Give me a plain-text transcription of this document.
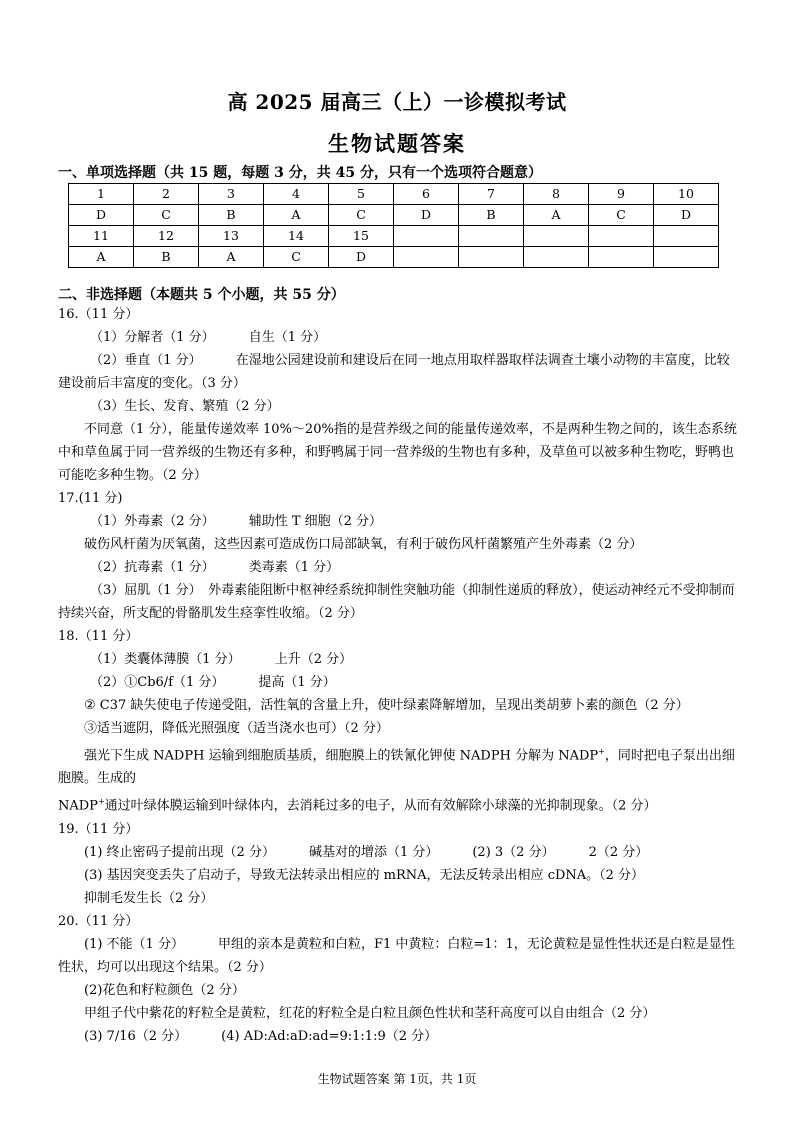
高 2025 届高三（上）一诊模拟考试
生物试题答案
一、单项选择题（共 15 题，每题 3 分，共 45 分，只有一个选项符合题意）
1	2	3	4	5	6	7	8	9	10
D	C	B	A	C	D	B	A	C	D
11	12	13	14	15					
A	B	A	C	D					
二、非选择题（本题共 5 个小题，共 55 分）

16.（11 分）

（1）分解者（1 分）	自生（1 分）

（2）垂直（1 分）	在湿地公园建设前和建设后在同一地点用取样器取样法调查土壤小动物的丰富度，比较建设前后丰富度的变化。（3 分）

（3）生长、发育、繁殖（2 分）

不同意（1 分），能量传递效率 10%～20%指的是营养级之间的能量传递效率，不是两种生物之间的，该生态系统中和草鱼属于同一营养级的生物还有多种，和野鸭属于同一营养级的生物也有多种，及草鱼可以被多种生物吃，野鸭也可能吃多种生物。（2 分）

17.(11 分)

（1）外毒素（2 分）	辅助性 T 细胞（2 分）

破伤风杆菌为厌氧菌，这些因素可造成伤口局部缺氧，有利于破伤风杆菌繁殖产生外毒素（2 分）

（2）抗毒素（1 分）	类毒素（1 分）

（3）屈肌（1 分）　外毒素能阻断中枢神经系统抑制性突触功能（抑制性递质的释放），使运动神经元不受抑制而持续兴奋，所支配的骨骼肌发生痉挛性收缩。（2 分）

18.（11 分）

（1）类囊体薄膜（1 分）	上升（2 分）

（2）①Cb6/f（1 分）	提高（1 分）

② C37 缺失使电子传递受阻，活性氧的含量上升，使叶绿素降解增加，呈现出类胡萝卜素的颜色（2 分）

③适当遮阴，降低光照强度（适当浇水也可）（2 分）

强光下生成 NADPH 运输到细胞质基质，细胞膜上的铁氰化钾使 NADPH 分解为 NADP+，同时把电子泵出出细胞膜。生成的 NADP+通过叶绿体膜运输到叶绿体内，去消耗过多的电子，从而有效解除小球藻的光抑制现象。（2 分）

19.（11 分）

(1) 终止密码子提前出现（2 分）	碱基对的增添（1 分）	(2) 3（2 分）	2（2 分）

(3) 基因突变丢失了启动子，导致无法转录出相应的 mRNA，无法反转录出相应 cDNA。（2 分）

抑制毛发生长（2 分）

20.（11 分）

(1) 不能（1 分）	甲组的亲本是黄粒和白粒，F1 中黄粒：白粒=1：1，无论黄粒是显性性状还是白粒是显性性状，均可以出现这个结果。（2 分）

(2)花色和籽粒颜色（2 分）

甲组子代中紫花的籽粒全是黄粒，红花的籽粒全是白粒且颜色性状和茎秆高度可以自由组合（2 分）

(3) 7/16（2 分）	(4) AD:Ad:aD:ad=9:1:1:9（2 分）

生物试题答案 第 1页，共 1页
